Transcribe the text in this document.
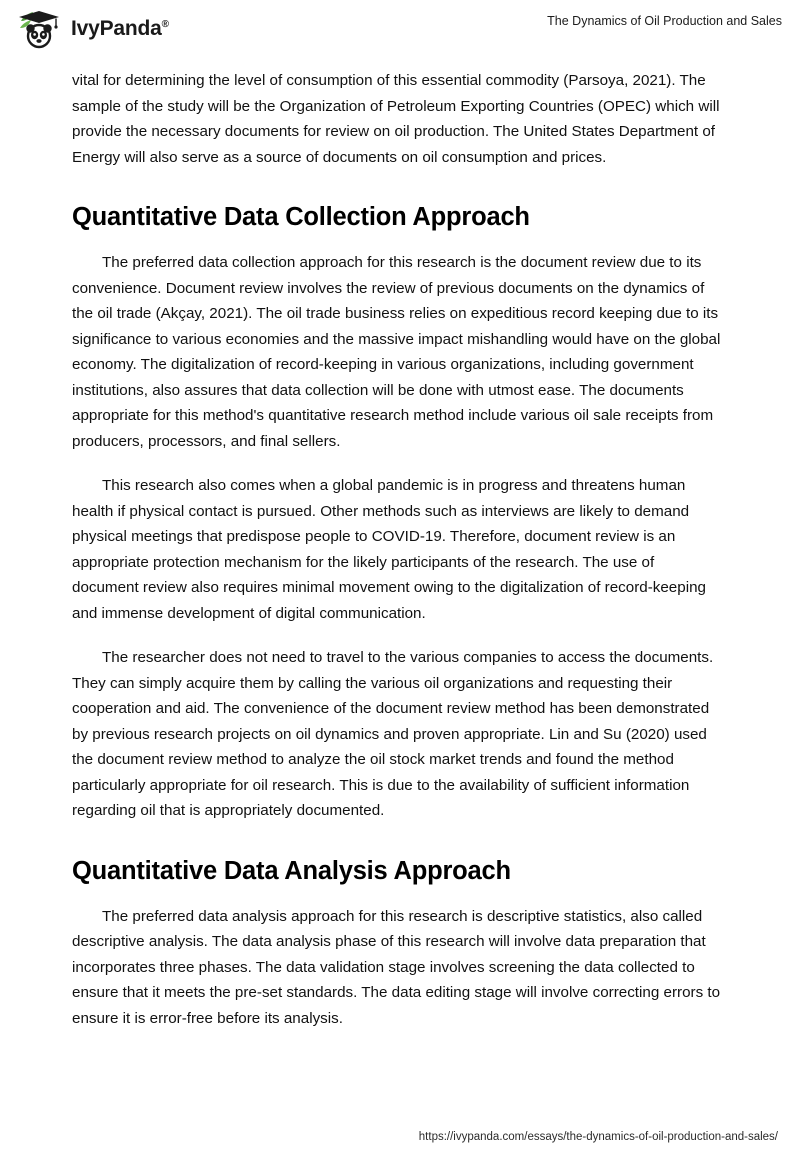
IvyPanda®	The Dynamics of Oil Production and Sales

vital for determining the level of consumption of this essential commodity (Parsoya, 2021). The sample of the study will be the Organization of Petroleum Exporting Countries (OPEC) which will provide the necessary documents for review on oil production. The United States Department of Energy will also serve as a source of documents on oil consumption and prices.

Quantitative Data Collection Approach

The preferred data collection approach for this research is the document review due to its convenience. Document review involves the review of previous documents on the dynamics of the oil trade (Akçay, 2021). The oil trade business relies on expeditious record keeping due to its significance to various economies and the massive impact mishandling would have on the global economy. The digitalization of record-keeping in various organizations, including government institutions, also assures that data collection will be done with utmost ease. The documents appropriate for this method's quantitative research method include various oil sale receipts from producers, processors, and final sellers.

This research also comes when a global pandemic is in progress and threatens human health if physical contact is pursued. Other methods such as interviews are likely to demand physical meetings that predispose people to COVID-19. Therefore, document review is an appropriate protection mechanism for the likely participants of the research. The use of document review also requires minimal movement owing to the digitalization of record-keeping and immense development of digital communication.

The researcher does not need to travel to the various companies to access the documents. They can simply acquire them by calling the various oil organizations and requesting their cooperation and aid. The convenience of the document review method has been demonstrated by previous research projects on oil dynamics and proven appropriate. Lin and Su (2020) used the document review method to analyze the oil stock market trends and found the method particularly appropriate for oil research. This is due to the availability of sufficient information regarding oil that is appropriately documented.

Quantitative Data Analysis Approach

The preferred data analysis approach for this research is descriptive statistics, also called descriptive analysis. The data analysis phase of this research will involve data preparation that incorporates three phases. The data validation stage involves screening the data collected to ensure that it meets the pre-set standards. The data editing stage will involve correcting errors to ensure it is error-free before its analysis.

https://ivypanda.com/essays/the-dynamics-of-oil-production-and-sales/
